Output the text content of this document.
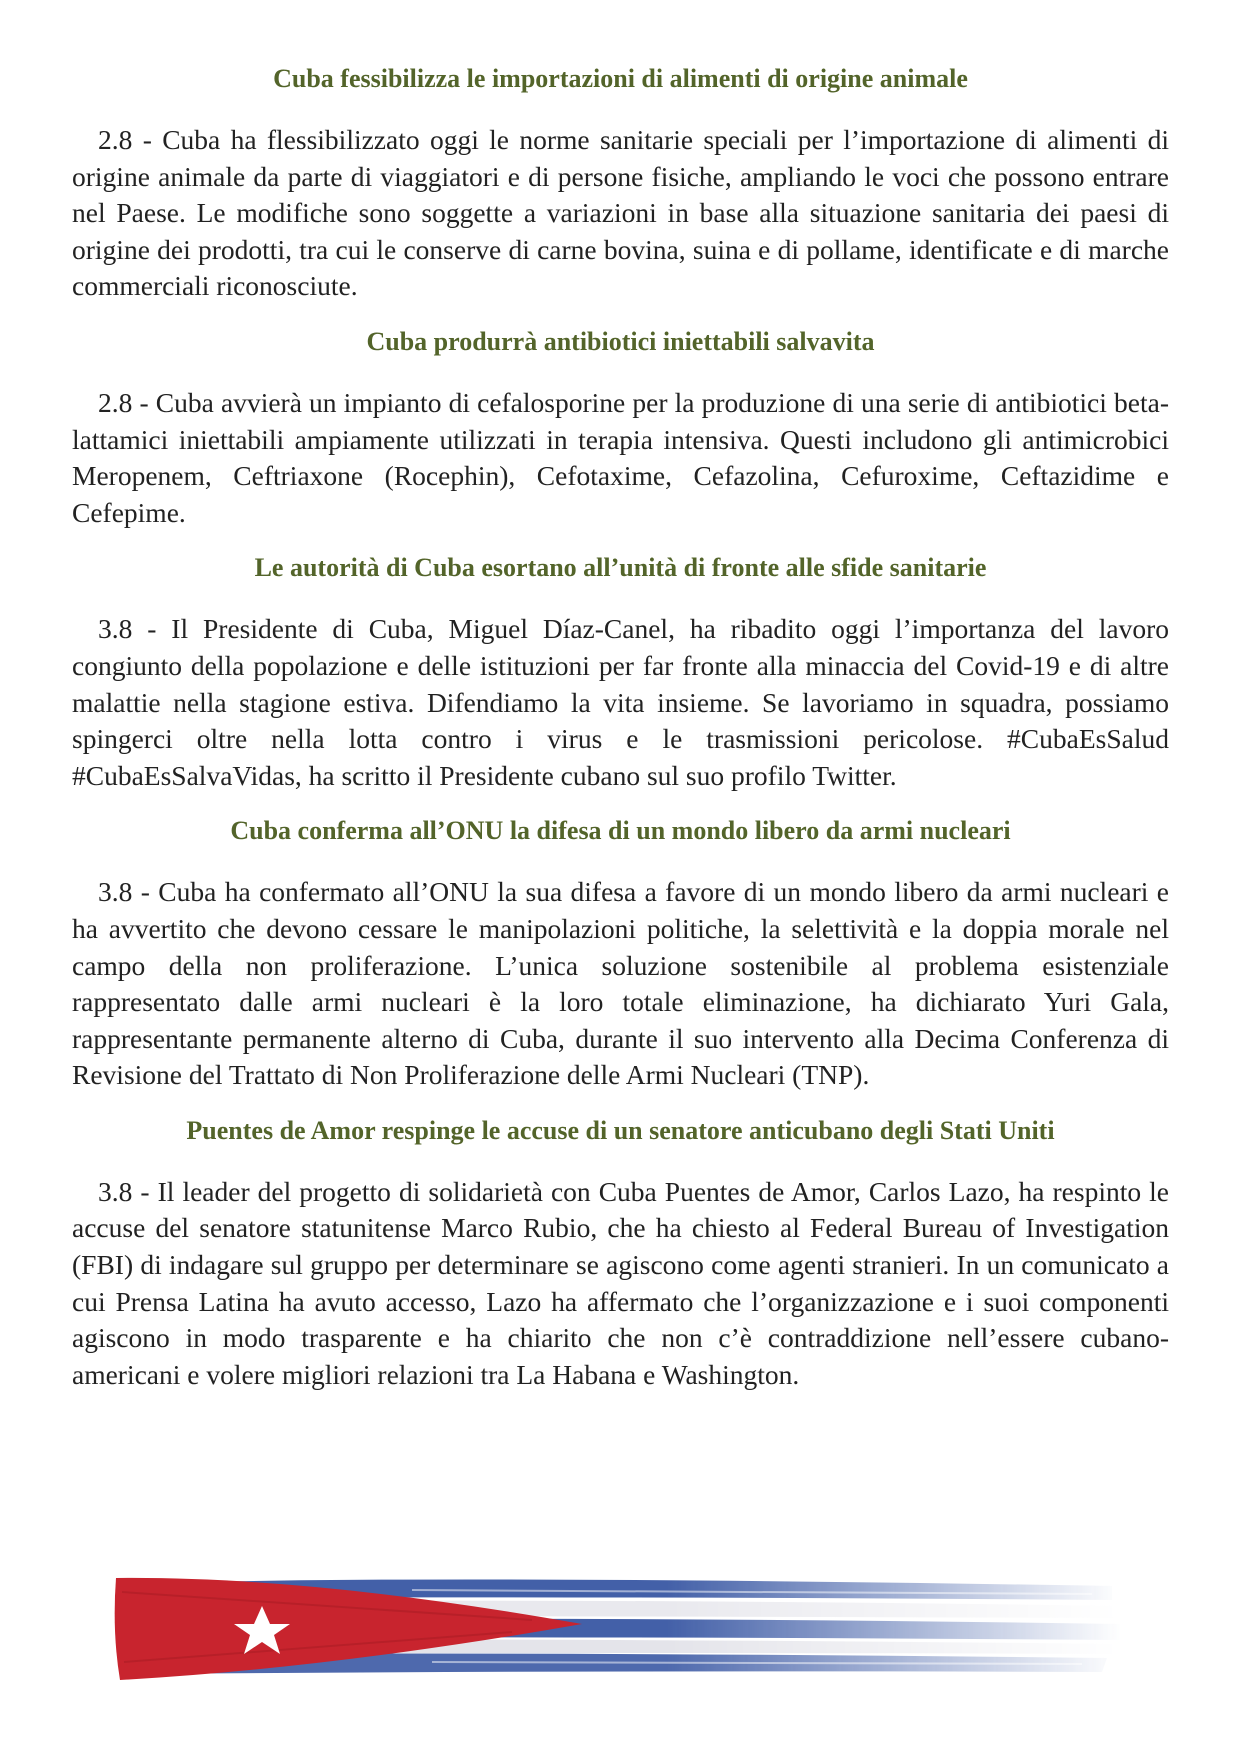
Cuba fessibilizza le importazioni di alimenti di origine animale

2.8 - Cuba ha flessibilizzato oggi le norme sanitarie speciali per l’importazione di alimenti di origine animale da parte di viaggiatori e di persone fisiche, ampliando le voci che possono entrare nel Paese. Le modifiche sono soggette a variazioni in base alla situazione sanitaria dei paesi di origine dei prodotti, tra cui le conserve di carne bovina, suina e di pollame, identificate e di marche commerciali riconosciute.

Cuba produrrà antibiotici iniettabili salvavita

2.8 - Cuba avvierà un impianto di cefalosporine per la produzione di una serie di antibiotici beta-lattamici iniettabili ampiamente utilizzati in terapia intensiva. Questi includono gli antimicrobici Meropenem, Ceftriaxone (Rocephin), Cefotaxime, Cefazolina, Cefuroxime, Ceftazidime e Cefepime.

Le autorità di Cuba esortano all’unità di fronte alle sfide sanitarie

3.8 - Il Presidente di Cuba, Miguel Díaz-Canel, ha ribadito oggi l’importanza del lavoro congiunto della popolazione e delle istituzioni per far fronte alla minaccia del Covid-19 e di altre malattie nella stagione estiva. Difendiamo la vita insieme. Se lavoriamo in squadra, possiamo spingerci oltre nella lotta contro i virus e le trasmissioni pericolose. #CubaEsSalud #CubaEsSalvaVidas, ha scritto il Presidente cubano sul suo profilo Twitter.

Cuba conferma all’ONU la difesa di un mondo libero da armi nucleari

3.8 - Cuba ha confermato all’ONU la sua difesa a favore di un mondo libero da armi nucleari e ha avvertito che devono cessare le manipolazioni politiche, la selettività e la doppia morale nel campo della non proliferazione. L’unica soluzione sostenibile al problema esistenziale rappresentato dalle armi nucleari è la loro totale eliminazione, ha dichiarato Yuri Gala, rappresentante permanente alterno di Cuba, durante il suo intervento alla Decima Conferenza di Revisione del Trattato di Non Proliferazione delle Armi Nucleari (TNP).

Puentes de Amor respinge le accuse di un senatore anticubano degli Stati Uniti

3.8 - Il leader del progetto di solidarietà con Cuba Puentes de Amor, Carlos Lazo, ha respinto le accuse del senatore statunitense Marco Rubio, che ha chiesto al Federal Bureau of Investigation (FBI) di indagare sul gruppo per determinare se agiscono come agenti stranieri. In un comunicato a cui Prensa Latina ha avuto accesso, Lazo ha affermato che l’organizzazione e i suoi componenti agiscono in modo trasparente e ha chiarito che non c’è contraddizione nell’essere cubano-americani e volere migliori relazioni tra La Habana e Washington.
